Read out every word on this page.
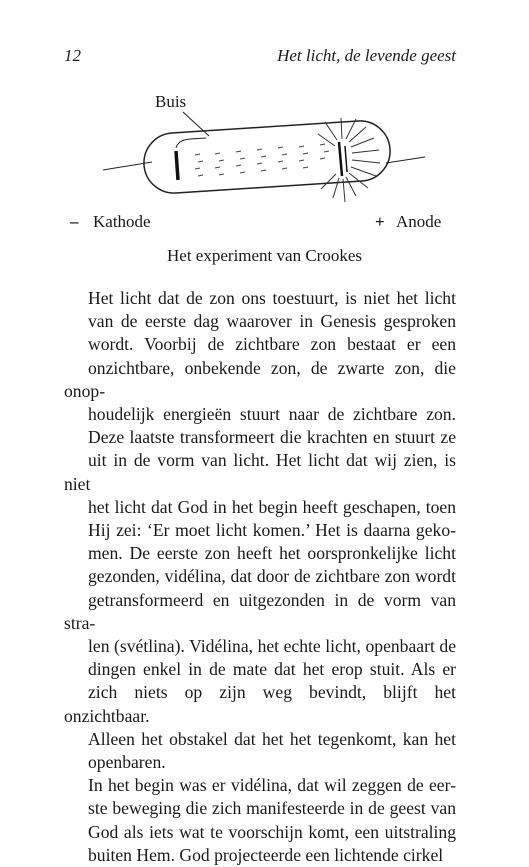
12	Het licht, de levende geest
Buis
– Kathode	+ Anode
Het experiment van Crookes

Het licht dat de zon ons toestuurt, is niet het licht
van de eerste dag waarover in Genesis gesproken
wordt. Voorbij de zichtbare zon bestaat er een
onzichtbare, onbekende zon, de zwarte zon, die onop-
houdelijk energieën stuurt naar de zichtbare zon.
Deze laatste transformeert die krachten en stuurt ze
uit in de vorm van licht. Het licht dat wij zien, is niet
het licht dat God in het begin heeft geschapen, toen
Hij zei: ‘Er moet licht komen.’ Het is daarna geko-
men. De eerste zon heeft het oorspronkelijke licht
gezonden, vidélina, dat door de zichtbare zon wordt
getransformeerd en uitgezonden in de vorm van stra-
len (svétlina). Vidélina, het echte licht, openbaart de
dingen enkel in de mate dat het erop stuit. Als er
zich niets op zijn weg bevindt, blijft het onzichtbaar.
Alleen het obstakel dat het het tegenkomt, kan het
openbaren.

In het begin was er vidélina, dat wil zeggen de eer-
ste beweging die zich manifesteerde in de geest van
God als iets wat te voorschijn komt, een uitstraling
buiten Hem. God projecteerde een lichtende cirkel
